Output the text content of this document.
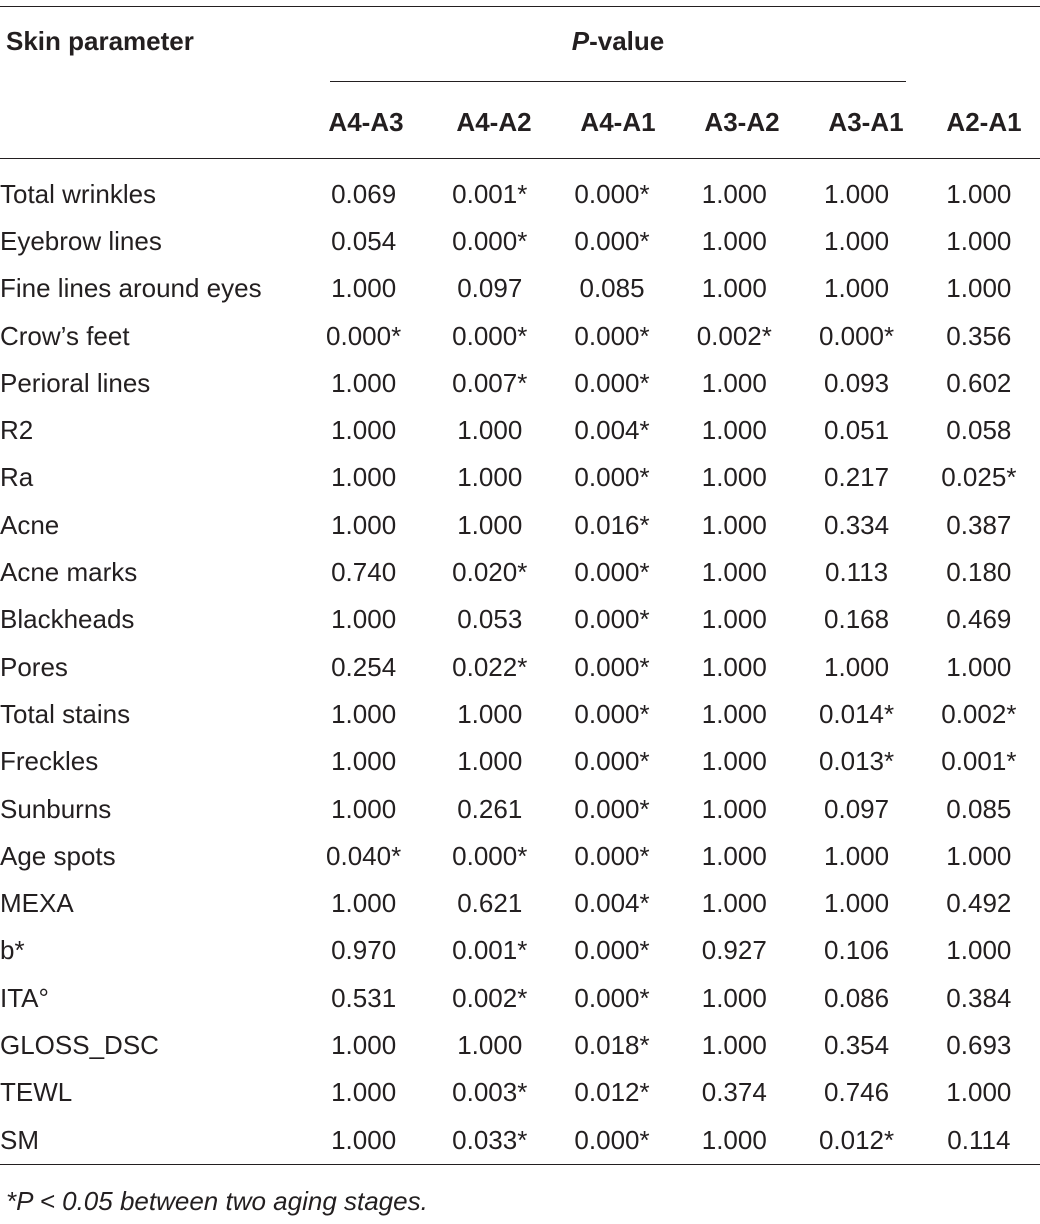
Skin parameter	P-value
A4-A3	A4-A2	A4-A1	A3-A2	A3-A1	A2-A1
Total wrinkles	0.069	0.001*	0.000*	1.000	1.000	1.000
Eyebrow lines	0.054	0.000*	0.000*	1.000	1.000	1.000
Fine lines around eyes	1.000	0.097	0.085	1.000	1.000	1.000
Crow’s feet	0.000*	0.000*	0.000*	0.002*	0.000*	0.356
Perioral lines	1.000	0.007*	0.000*	1.000	0.093	0.602
R2	1.000	1.000	0.004*	1.000	0.051	0.058
Ra	1.000	1.000	0.000*	1.000	0.217	0.025*
Acne	1.000	1.000	0.016*	1.000	0.334	0.387
Acne marks	0.740	0.020*	0.000*	1.000	0.113	0.180
Blackheads	1.000	0.053	0.000*	1.000	0.168	0.469
Pores	0.254	0.022*	0.000*	1.000	1.000	1.000
Total stains	1.000	1.000	0.000*	1.000	0.014*	0.002*
Freckles	1.000	1.000	0.000*	1.000	0.013*	0.001*
Sunburns	1.000	0.261	0.000*	1.000	0.097	0.085
Age spots	0.040*	0.000*	0.000*	1.000	1.000	1.000
MEXA	1.000	0.621	0.004*	1.000	1.000	0.492
b*	0.970	0.001*	0.000*	0.927	0.106	1.000
ITA°	0.531	0.002*	0.000*	1.000	0.086	0.384
GLOSS_DSC	1.000	1.000	0.018*	1.000	0.354	0.693
TEWL	1.000	0.003*	0.012*	0.374	0.746	1.000
SM	1.000	0.033*	0.000*	1.000	0.012*	0.114
*P < 0.05 between two aging stages.
